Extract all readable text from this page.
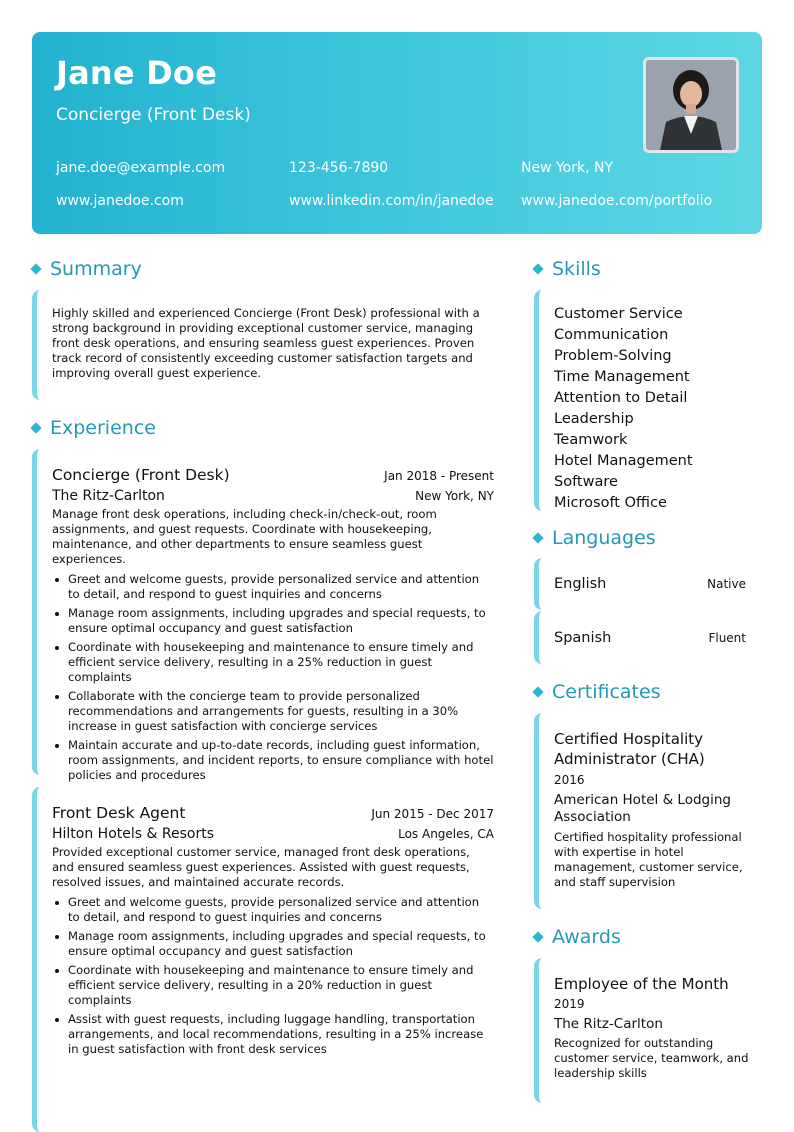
Jane Doe
Concierge (Front Desk)
jane.doe@example.com	123-456-7890	New York, NY
www.janedoe.com	www.linkedin.com/in/janedoe www.janedoe.com/portfolio
Summary
Highly skilled and experienced Concierge (Front Desk) professional with a strong background in providing exceptional customer service, managing front desk operations, and ensuring seamless guest experiences. Proven track record of consistently exceeding customer satisfaction targets and improving overall guest experience.
Experience
Concierge (Front Desk)	Jan 2018 - Present
The Ritz-Carlton	New York, NY
Manage front desk operations, including check-in/check-out, room assignments, and guest requests. Coordinate with housekeeping, maintenance, and other departments to ensure seamless guest experiences.
Greet and welcome guests, provide personalized service and attention to detail, and respond to guest inquiries and concerns
Manage room assignments, including upgrades and special requests, to ensure optimal occupancy and guest satisfaction
Coordinate with housekeeping and maintenance to ensure timely and efficient service delivery, resulting in a 25% reduction in guest complaints
Collaborate with the concierge team to provide personalized recommendations and arrangements for guests, resulting in a 30% increase in guest satisfaction with concierge services
Maintain accurate and up-to-date records, including guest information, room assignments, and incident reports, to ensure compliance with hotel policies and procedures
Front Desk Agent	Jun 2015 - Dec 2017
Hilton Hotels & Resorts	Los Angeles, CA
Provided exceptional customer service, managed front desk operations, and ensured seamless guest experiences. Assisted with guest requests, resolved issues, and maintained accurate records.
Greet and welcome guests, provide personalized service and attention to detail, and respond to guest inquiries and concerns
Manage room assignments, including upgrades and special requests, to ensure optimal occupancy and guest satisfaction
Coordinate with housekeeping and maintenance to ensure timely and efficient service delivery, resulting in a 20% reduction in guest complaints
Assist with guest requests, including luggage handling, transportation arrangements, and local recommendations, resulting in a 25% increase in guest satisfaction with front desk services
Skills
Customer Service
Communication
Problem-Solving
Time Management
Attention to Detail
Leadership
Teamwork
Hotel Management Software
Microsoft Office
Languages
English	Native
Spanish	Fluent
Certificates
Certified Hospitality Administrator (CHA)
2016
American Hotel & Lodging Association
Certified hospitality professional with expertise in hotel management, customer service, and staff supervision
Awards
Employee of the Month
2019
The Ritz-Carlton
Recognized for outstanding customer service, teamwork, and leadership skills
